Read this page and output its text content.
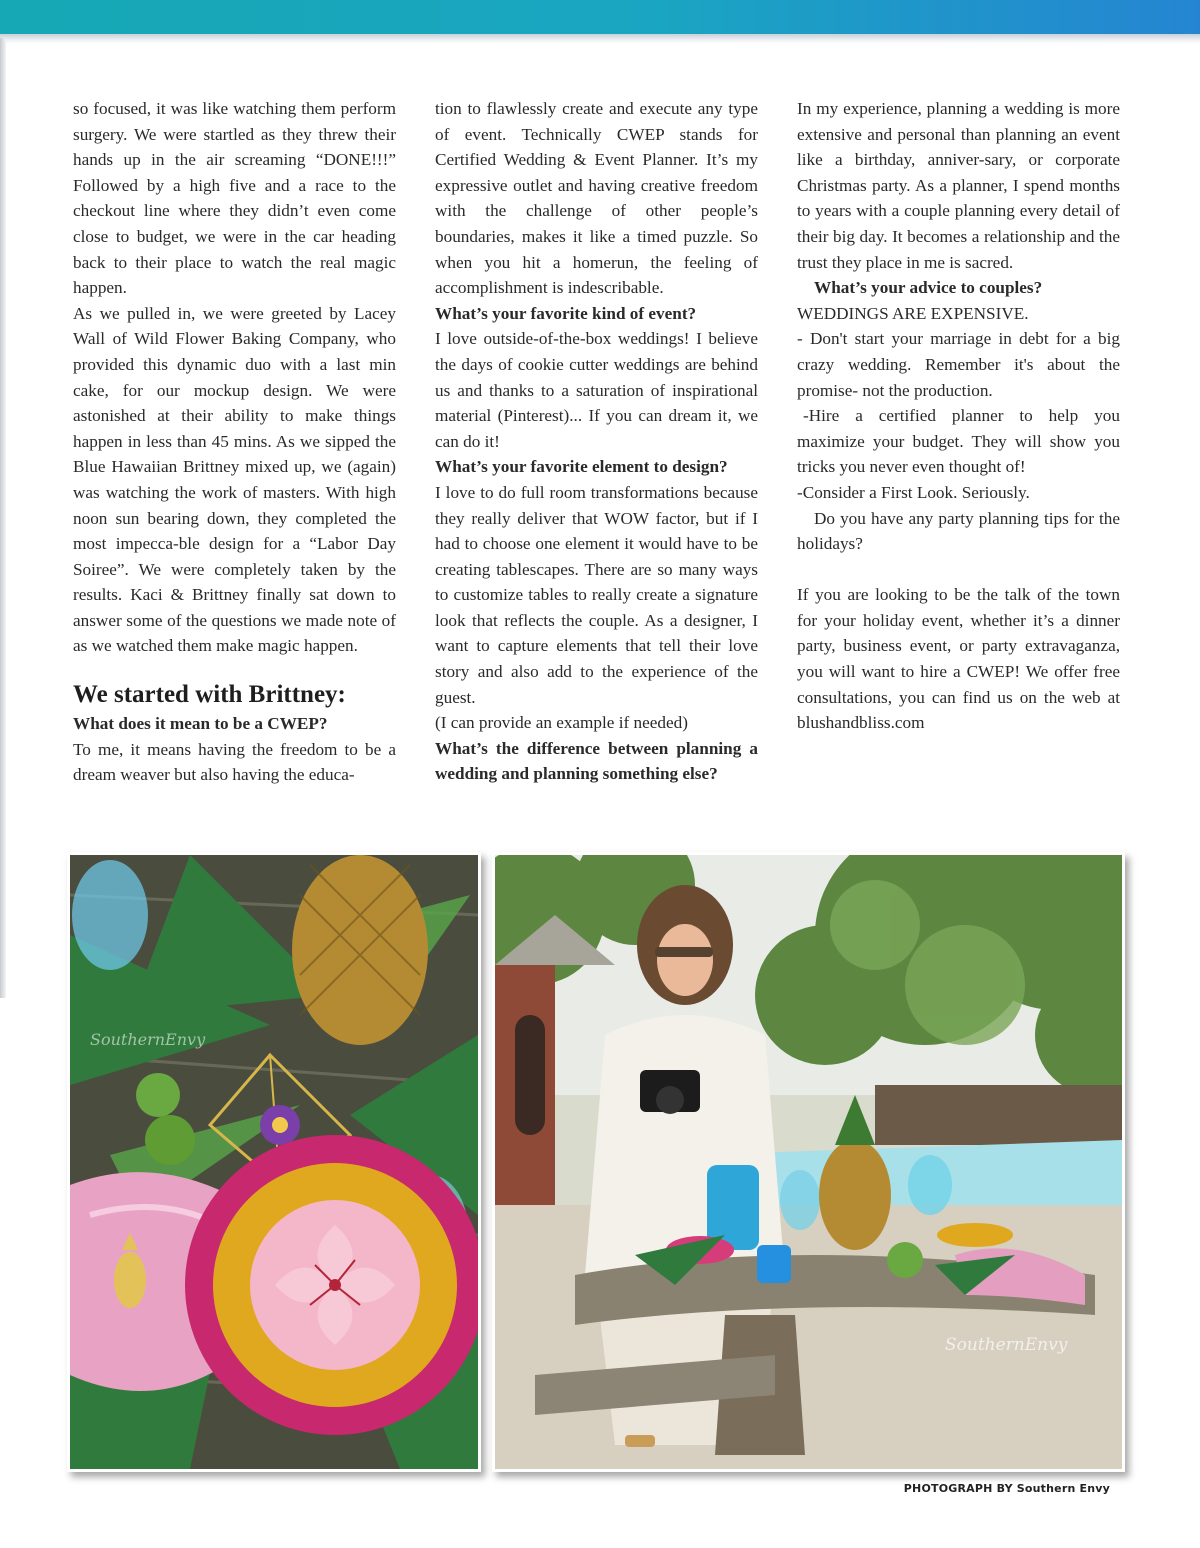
so focused, it was like watching them perform surgery. We were startled as they threw their hands up in the air screaming “DONE!!!” Followed by a high five and a race to the checkout line where they didn’t even come close to budget, we were in the car heading back to their place to watch the real magic happen.

As we pulled in, we were greeted by Lacey Wall of Wild Flower Baking Company, who provided this dynamic duo with a last min cake, for our mockup design. We were astonished at their ability to make things happen in less than 45 mins. As we sipped the Blue Hawaiian Brittney mixed up, we (again) was watching the work of masters. With high noon sun bearing down, they completed the most impecca-ble design for a “Labor Day Soiree”. We were completely taken by the results. Kaci & Brittney finally sat down to answer some of the questions we made note of as we watched them make magic happen.

We started with Brittney:

What does it mean to be a CWEP?

To me, it means having the freedom to be a dream weaver but also having the educa-

tion to flawlessly create and execute any type of event. Technically CWEP stands for Certified Wedding & Event Planner. It’s my expressive outlet and having creative freedom with the challenge of other people’s boundaries, makes it like a timed puzzle. So when you hit a homerun, the feeling of accomplishment is indescribable.

What’s your favorite kind of event?

I love outside-of-the-box weddings! I believe the days of cookie cutter weddings are behind us and thanks to a saturation of inspirational material (Pinterest)... If you can dream it, we can do it!

What’s your favorite element to design?

I love to do full room transformations because they really deliver that WOW factor, but if I had to choose one element it would have to be creating tablescapes. There are so many ways to customize tables to really create a signature look that reflects the couple. As a designer, I want to capture elements that tell their love story and also add to the experience of the guest.

(I can provide an example if needed)

What’s the difference between planning a wedding and planning something else?

In my experience, planning a wedding is more extensive and personal than planning an event like a birthday, anniver-sary, or corporate Christmas party. As a planner, I spend months to years with a couple planning every detail of their big day. It becomes a relationship and the trust they place in me is sacred.

What’s your advice to couples?

WEDDINGS ARE EXPENSIVE.

- Don't start your marriage in debt for a big crazy wedding. Remember it's about the promise- not the production.

-Hire a certified planner to help you maximize your budget. They will show you tricks you never even thought of!

-Consider a First Look. Seriously.

Do you have any party planning tips for the holidays?

If you are looking to be the talk of the town for your holiday event, whether it’s a dinner party, business event, or party extravaganza, you will want to hire a CWEP! We offer free consultations, you can find us on the web at blushandbliss.com

SouthernEnvy
SouthernEnvy
PHOTOGRAPH BY Southern Envy
